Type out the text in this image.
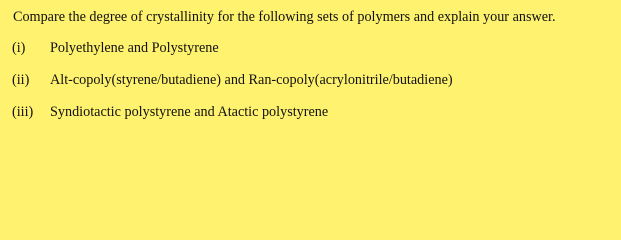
Compare the degree of crystallinity for the following sets of polymers and explain your answer.
(i) Polyethylene and Polystyrene
(ii) Alt-copoly(styrene/butadiene) and Ran-copoly(acrylonitrile/butadiene)
(iii) Syndiotactic polystyrene and Atactic polystyrene
